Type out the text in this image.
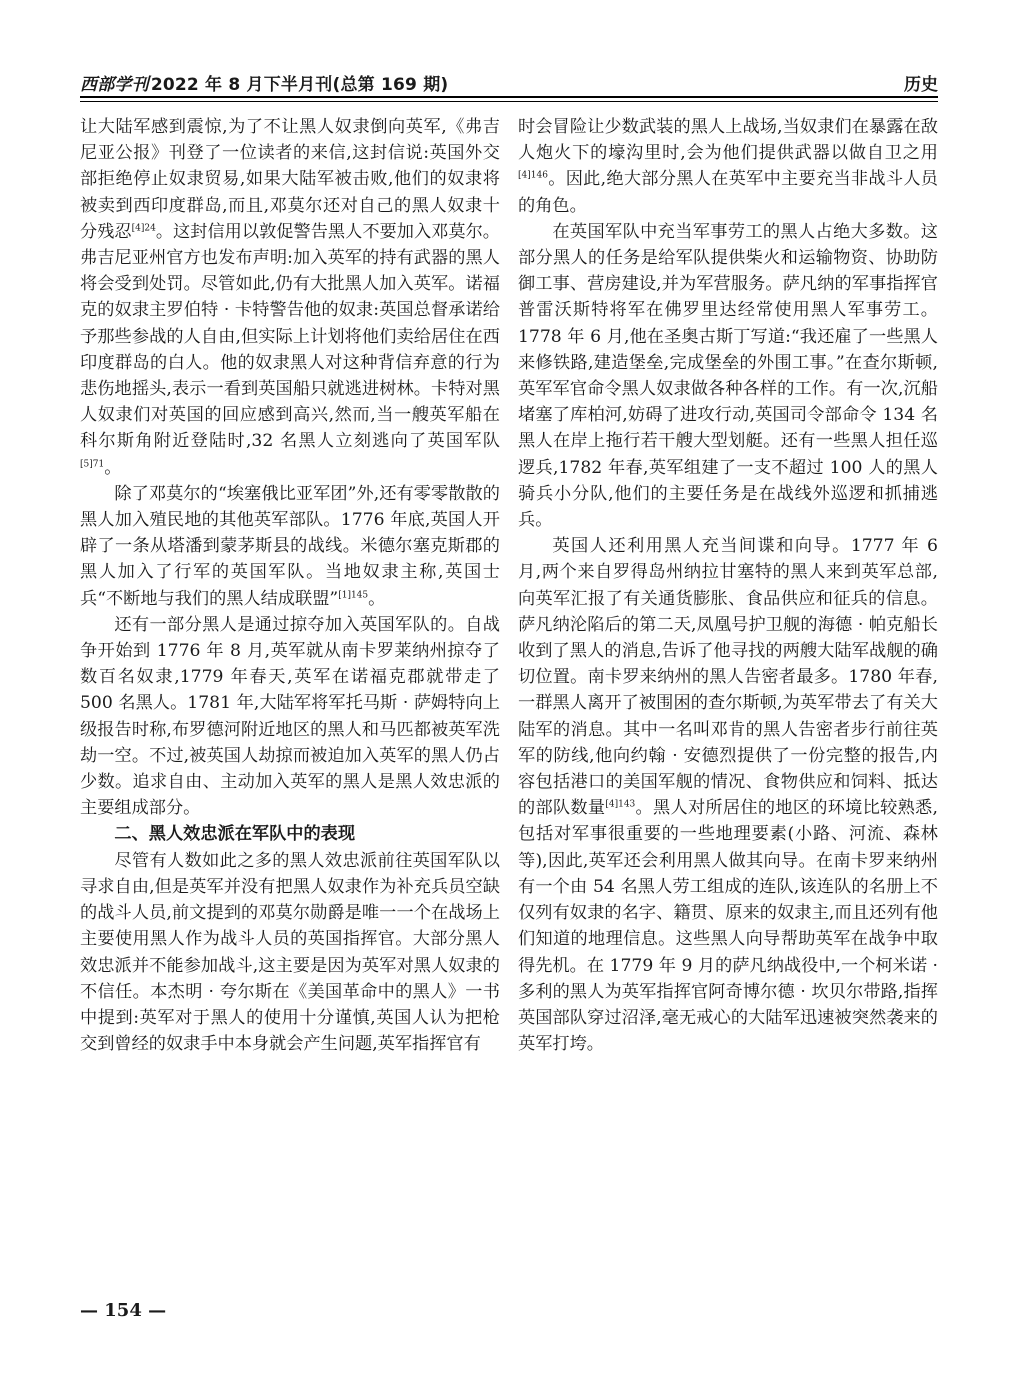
西部学刊 2022 年 8 月下半月刊(总第 169 期)	历史

让大陆军感到震惊,为了不让黑人奴隶倒向英军,《弗吉尼亚公报》刊登了一位读者的来信,这封信说:英国外交部拒绝停止奴隶贸易,如果大陆军被击败,他们的奴隶将被卖到西印度群岛,而且,邓莫尔还对自己的黑人奴隶十分残忍$^{[4]24}$。这封信用以敦促警告黑人不要加入邓莫尔。弗吉尼亚州官方也发布声明:加入英军的持有武器的黑人将会受到处罚。尽管如此,仍有大批黑人加入英军。诺福克的奴隶主罗伯特 · 卡特警告他的奴隶:英国总督承诺给予那些参战的人自由,但实际上计划将他们卖给居住在西印度群岛的白人。他的奴隶黑人对这种背信弃意的行为悲伤地摇头,表示一看到英国船只就逃进树林。卡特对黑人奴隶们对英国的回应感到高兴,然而,当一艘英军船在科尔斯角附近登陆时,32 名黑人立刻逃向了英国军队$^{[5]71}$。

除了邓莫尔的“埃塞俄比亚军团”外,还有零零散散的黑人加入殖民地的其他英军部队。1776 年底,英国人开辟了一条从塔潘到蒙茅斯县的战线。米德尔塞克斯郡的黑人加入了行军的英国军队。当地奴隶主称,英国士兵“不断地与我们的黑人结成联盟”$^{[1]145}$。

还有一部分黑人是通过掠夺加入英国军队的。自战争开始到 1776 年 8 月,英军就从南卡罗莱纳州掠夺了数百名奴隶,1779 年春天,英军在诺福克郡就带走了 500 名黑人。1781 年,大陆军将军托马斯 · 萨姆特向上级报告时称,布罗德河附近地区的黑人和马匹都被英军洗劫一空。不过,被英国人劫掠而被迫加入英军的黑人仍占少数。追求自由、主动加入英军的黑人是黑人效忠派的主要组成部分。

二、黑人效忠派在军队中的表现

尽管有人数如此之多的黑人效忠派前往英国军队以寻求自由,但是英军并没有把黑人奴隶作为补充兵员空缺的战斗人员,前文提到的邓莫尔勋爵是唯一一个在战场上主要使用黑人作为战斗人员的英国指挥官。大部分黑人效忠派并不能参加战斗,这主要是因为英军对黑人奴隶的不信任。本杰明 · 夸尔斯在《美国革命中的黑人》一书中提到:英军对于黑人的使用十分谨慎,英国人认为把枪交到曾经的奴隶手中本身就会产生问题,英军指挥官有

时会冒险让少数武装的黑人上战场,当奴隶们在暴露在敌人炮火下的壕沟里时,会为他们提供武器以做自卫之用$^{[4]146}$。因此,绝大部分黑人在英军中主要充当非战斗人员的角色。

在英国军队中充当军事劳工的黑人占绝大多数。这部分黑人的任务是给军队提供柴火和运输物资、协助防御工事、营房建设,并为军营服务。萨凡纳的军事指挥官普雷沃斯特将军在佛罗里达经常使用黑人军事劳工。1778 年 6 月,他在圣奥古斯丁写道:“我还雇了一些黑人来修铁路,建造堡垒,完成堡垒的外围工事。”在查尔斯顿,英军军官命令黑人奴隶做各种各样的工作。有一次,沉船堵塞了库柏河,妨碍了进攻行动,英国司令部命令 134 名黑人在岸上拖行若干艘大型划艇。还有一些黑人担任巡逻兵,1782 年春,英军组建了一支不超过 100 人的黑人骑兵小分队,他们的主要任务是在战线外巡逻和抓捕逃兵。

英国人还利用黑人充当间谍和向导。1777 年 6 月,两个来自罗得岛州纳拉甘塞特的黑人来到英军总部,向英军汇报了有关通货膨胀、食品供应和征兵的信息。萨凡纳沦陷后的第二天,凤凰号护卫舰的海德 · 帕克船长收到了黑人的消息,告诉了他寻找的两艘大陆军战舰的确切位置。南卡罗来纳州的黑人告密者最多。1780 年春,一群黑人离开了被围困的查尔斯顿,为英军带去了有关大陆军的消息。其中一名叫邓肯的黑人告密者步行前往英军的防线,他向约翰 · 安德烈提供了一份完整的报告,内容包括港口的美国军舰的情况、食物供应和饲料、抵达的部队数量$^{[4]143}$。黑人对所居住的地区的环境比较熟悉,包括对军事很重要的一些地理要素(小路、河流、森林等),因此,英军还会利用黑人做其向导。在南卡罗来纳州有一个由 54 名黑人劳工组成的连队,该连队的名册上不仅列有奴隶的名字、籍贯、原来的奴隶主,而且还列有他们知道的地理信息。这些黑人向导帮助英军在战争中取得先机。在 1779 年 9 月的萨凡纳战役中,一个柯米诺 · 多利的黑人为英军指挥官阿奇博尔德 · 坎贝尔带路,指挥英国部队穿过沼泽,毫无戒心的大陆军迅速被突然袭来的英军打垮。

— 154 —
